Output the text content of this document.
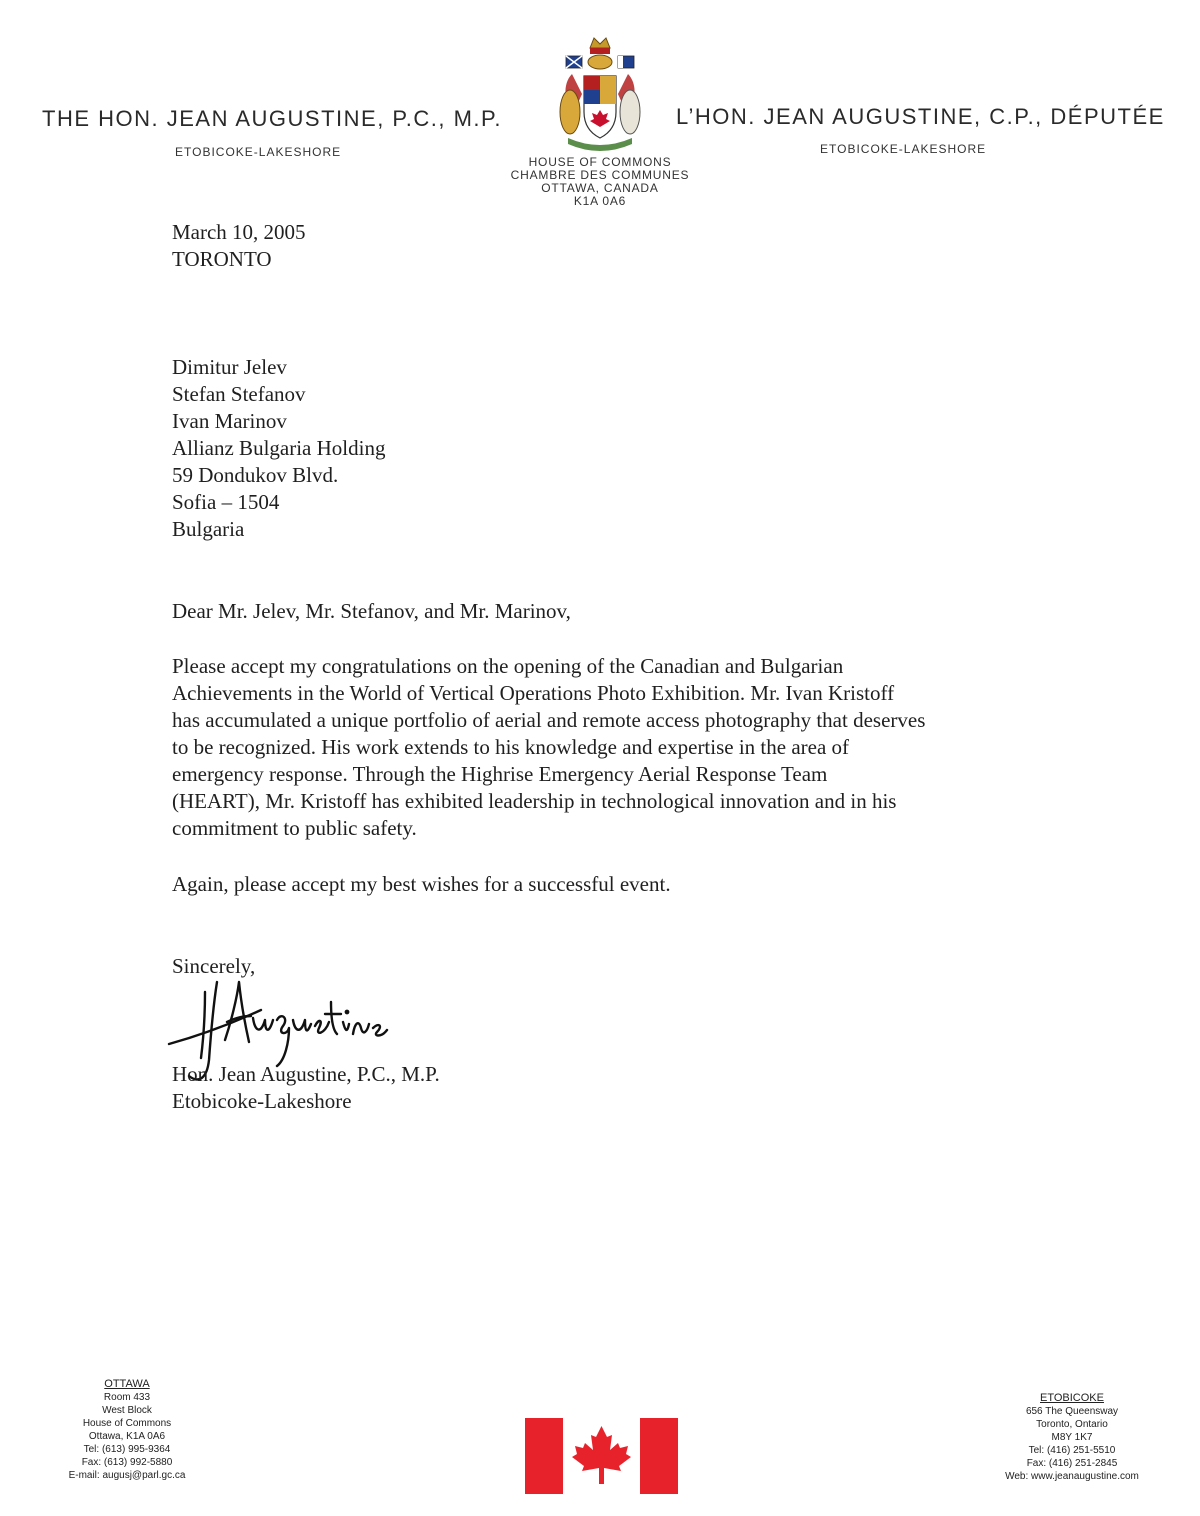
THE HON. JEAN AUGUSTINE, P.C., M.P.
ETOBICOKE-LAKESHORE
L’HON. JEAN AUGUSTINE, C.P., DÉPUTÉE
ETOBICOKE-LAKESHORE
HOUSE OF COMMONS
CHAMBRE DES COMMUNES
OTTAWA, CANADA
K1A 0A6
March 10, 2005
TORONTO
Dimitur Jelev
Stefan Stefanov
Ivan Marinov
Allianz Bulgaria Holding
59 Dondukov Blvd.
Sofia – 1504
Bulgaria
Dear Mr. Jelev, Mr. Stefanov, and Mr. Marinov,
Please accept my congratulations on the opening of the Canadian and Bulgarian
Achievements in the World of Vertical Operations Photo Exhibition. Mr. Ivan Kristoff
has accumulated a unique portfolio of aerial and remote access photography that deserves
to be recognized. His work extends to his knowledge and expertise in the area of
emergency response. Through the Highrise Emergency Aerial Response Team
(HEART), Mr. Kristoff has exhibited leadership in technological innovation and in his
commitment to public safety.
Again, please accept my best wishes for a successful event.
Sincerely,
Hon. Jean Augustine, P.C., M.P.
Etobicoke-Lakeshore
OTTAWA
Room 433
West Block
House of Commons
Ottawa, K1A 0A6
Tel: (613) 995-9364
Fax: (613) 992-5880
E-mail: augusj@parl.gc.ca
ETOBICOKE
656 The Queensway
Toronto, Ontario
M8Y 1K7
Tel: (416) 251-5510
Fax: (416) 251-2845
Web: www.jeanaugustine.com
